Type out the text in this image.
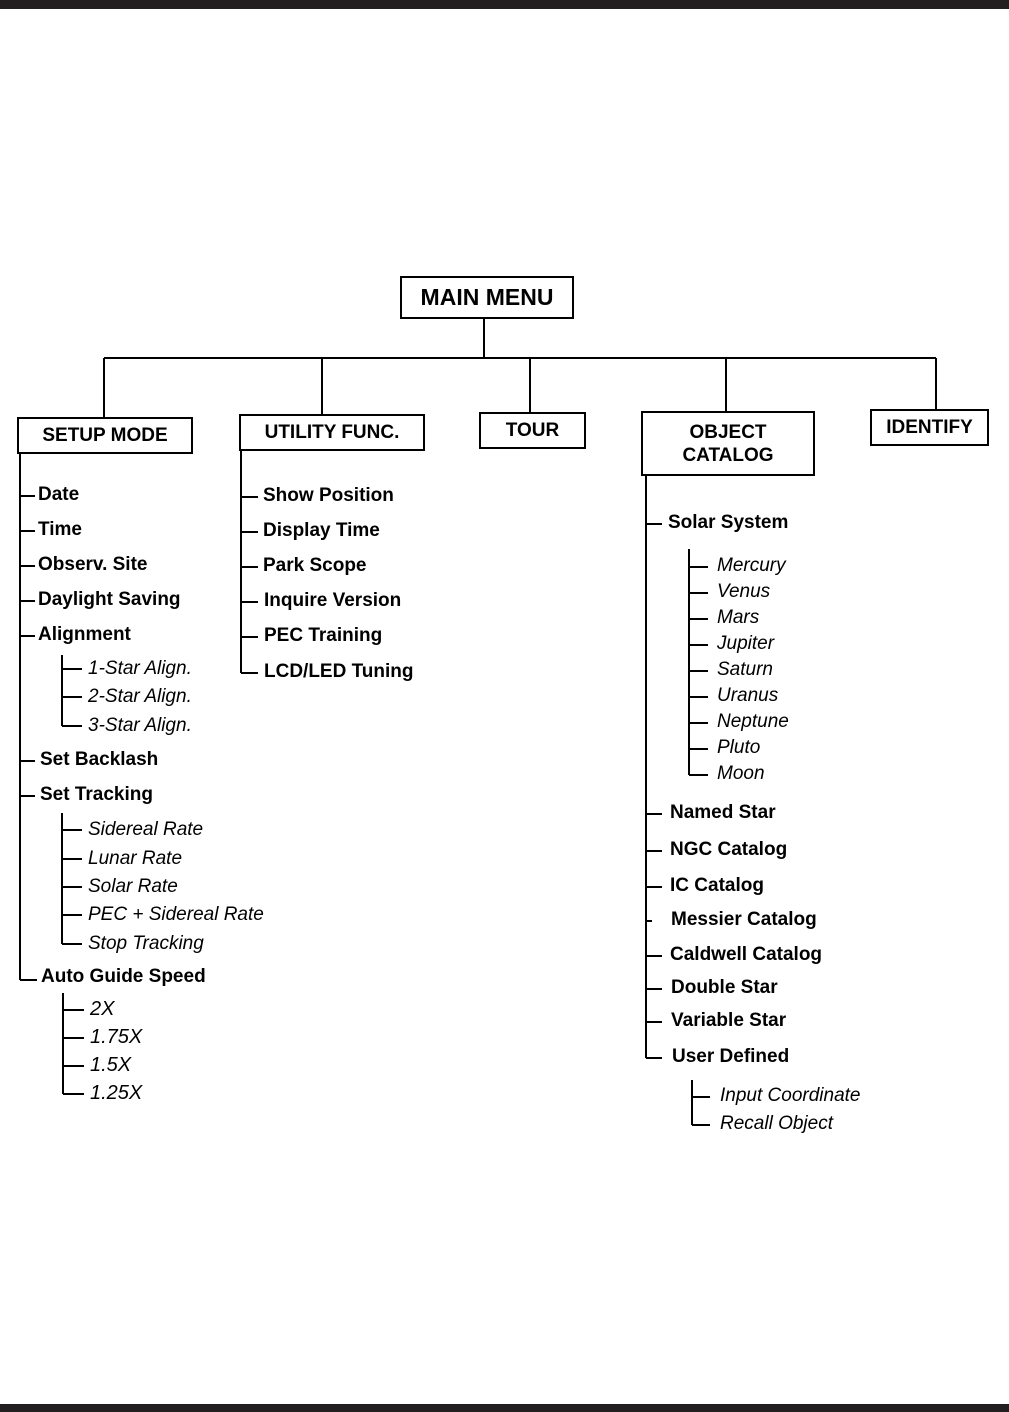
MAIN MENU
SETUP MODE	UTILITY FUNC.	TOUR	OBJECT
CATALOG
IDENTIFY
Date
Time
Observ. Site
Daylight Saving
Alignment
1-Star Align.
2-Star Align.
3-Star Align.
Set Backlash
Set Tracking
Sidereal Rate
Lunar Rate
Solar Rate
PEC + Sidereal Rate
Stop Tracking
Auto Guide Speed
2X
1.75X
1.5X
1.25X
Show Position
Display Time
Park Scope
Inquire Version
PEC Training
LCD/LED Tuning
Solar System
Mercury
Venus
Mars
Jupiter
Saturn
Uranus
Neptune
Pluto
Moon
Named Star
NGC Catalog
IC Catalog
Messier Catalog
Caldwell Catalog
Double Star
Variable Star
User Defined
Input Coordinate
Recall Object
